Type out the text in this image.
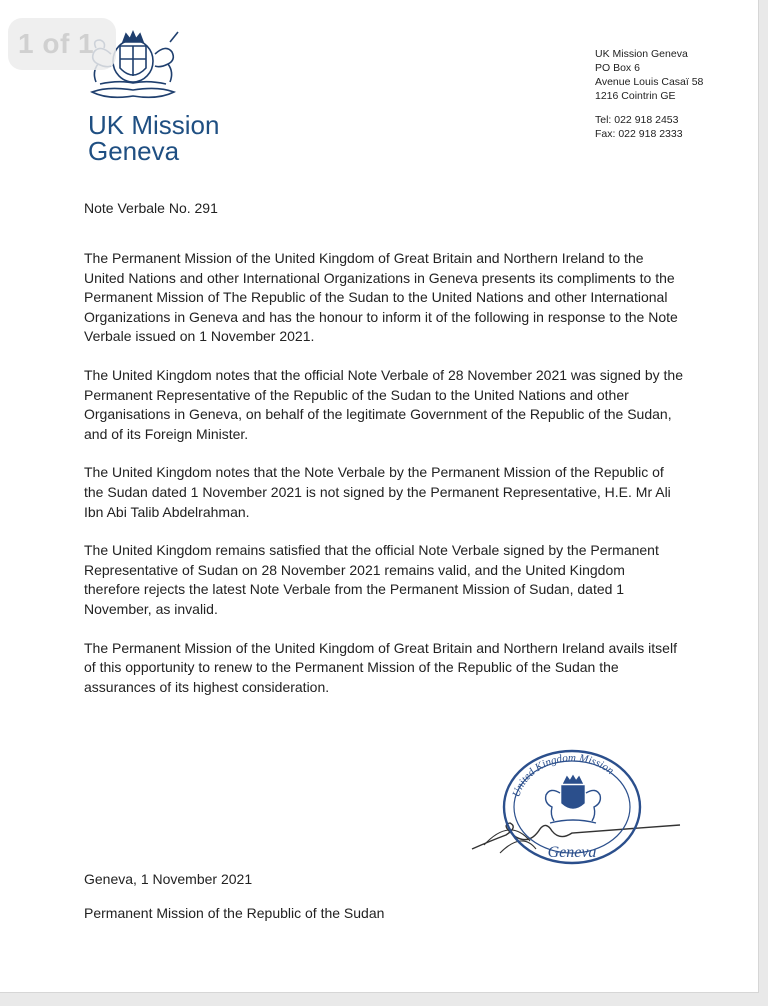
UK Mission
Geneva
UK Mission Geneva
PO Box 6
Avenue Louis Casaï 58
1216 Cointrin GE
Tel: 022 918 2453
Fax: 022 918 2333
Note Verbale No. 291

The Permanent Mission of the United Kingdom of Great Britain and Northern Ireland to the United Nations and other International Organizations in Geneva presents its compliments to the Permanent Mission of The Republic of the Sudan to the United Nations and other International Organizations in Geneva and has the honour to inform it of the following in response to the Note Verbale issued on 1 November 2021.

The United Kingdom notes that the official Note Verbale of 28 November 2021 was signed by the Permanent Representative of the Republic of the Sudan to the United Nations and other Organisations in Geneva, on behalf of the legitimate Government of the Republic of the Sudan, and of its Foreign Minister.

The United Kingdom notes that the Note Verbale by the Permanent Mission of the Republic of the Sudan dated 1 November 2021 is not signed by the Permanent Representative, H.E. Mr Ali Ibn Abi Talib Abdelrahman.

The United Kingdom remains satisfied that the official Note Verbale signed by the Permanent Representative of Sudan on 28 November 2021 remains valid, and the United Kingdom therefore rejects the latest Note Verbale from the Permanent Mission of Sudan, dated 1 November, as invalid.

The Permanent Mission of the United Kingdom of Great Britain and Northern Ireland avails itself of this opportunity to renew to the Permanent Mission of the Republic of the Sudan the assurances of its highest consideration.

United Kingdom Mission
Geneva
Geneva, 1 November 2021
Permanent Mission of the Republic of the Sudan
1 of 1
